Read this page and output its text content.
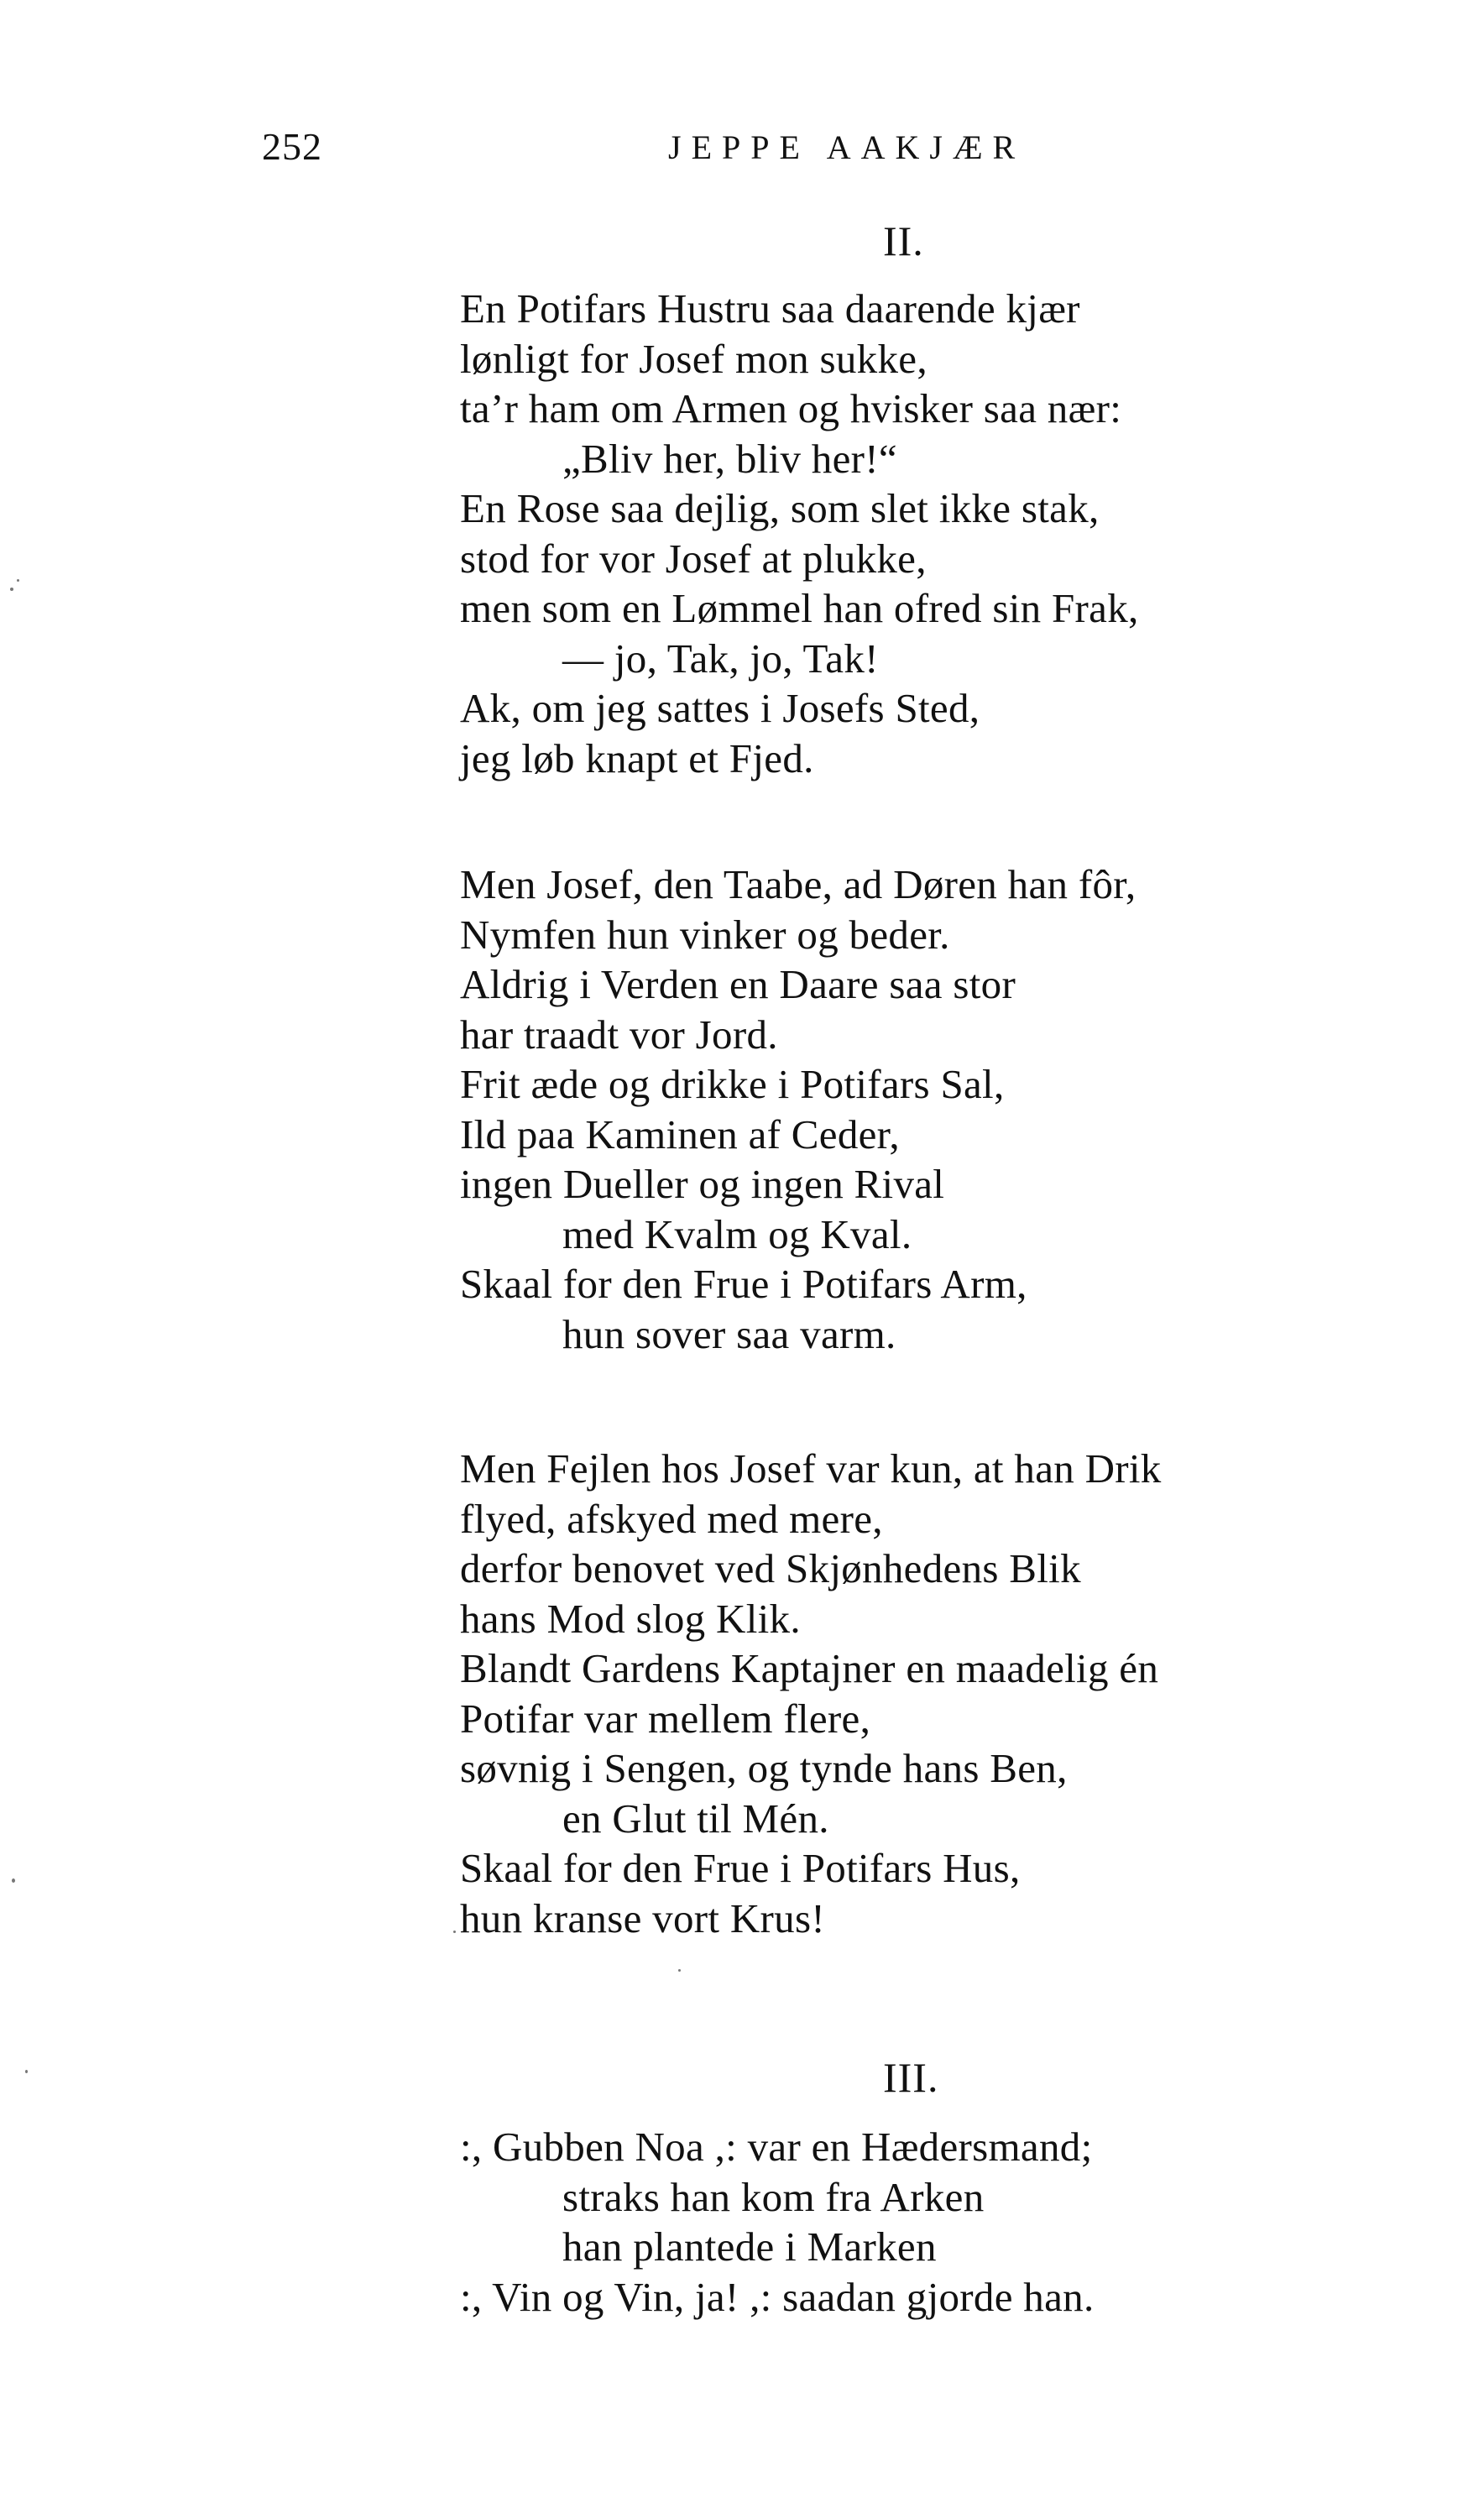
252	JEPPE AAKJÆR
II.
En Potifars Hustru saa daarende kjær
lønligt for Josef mon sukke,
ta’r ham om Armen og hvisker saa nær:
„Bliv her, bliv her!“
En Rose saa dejlig, som slet ikke stak,
stod for vor Josef at plukke,
men som en Lømmel han ofred sin Frak,
— jo, Tak, jo, Tak!
Ak, om jeg sattes i Josefs Sted,
jeg løb knapt et Fjed.
Men Josef, den Taabe, ad Døren han fôr,
Nymfen hun vinker og beder.
Aldrig i Verden en Daare saa stor
har traadt vor Jord.
Frit æde og drikke i Potifars Sal,
Ild paa Kaminen af Ceder,
ingen Dueller og ingen Rival
med Kvalm og Kval.
Skaal for den Frue i Potifars Arm,
hun sover saa varm.
Men Fejlen hos Josef var kun, at han Drik
flyed, afskyed med mere,
derfor benovet ved Skjønhedens Blik
hans Mod slog Klik.
Blandt Gardens Kaptajner en maadelig én
Potifar var mellem flere,
søvnig i Sengen, og tynde hans Ben,
en Glut til Mén.
Skaal for den Frue i Potifars Hus,
hun kranse vort Krus!
III.
:, Gubben Noa ,: var en Hædersmand;
straks han kom fra Arken
han plantede i Marken
:, Vin og Vin, ja! ,: saadan gjorde han.
